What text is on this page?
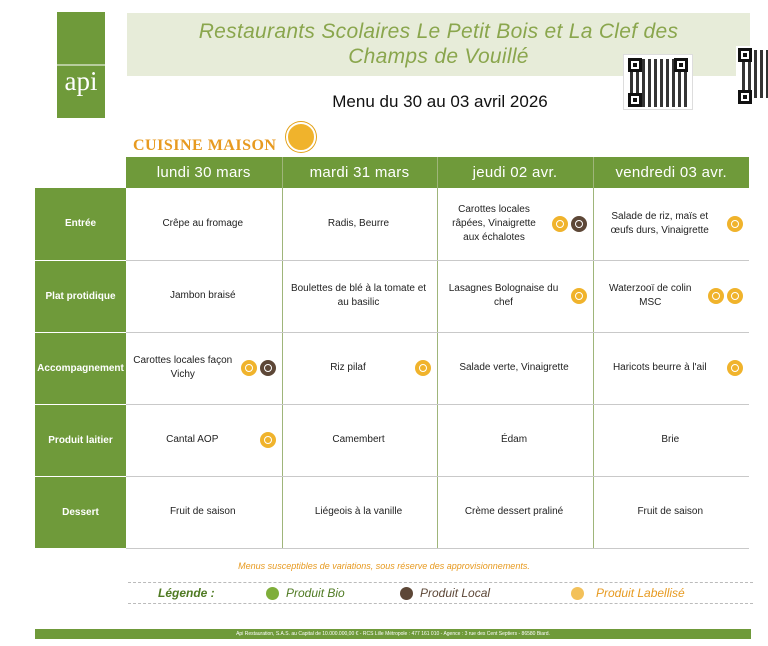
api
Restaurants Scolaires Le Petit Bois et La Clef des
Champs de Vouillé
Menu du 30 au 03 avril 2026
CUISINE MAISON
	lundi 30 mars	mardi 31 mars	jeudi 02 avr.	vendredi 03 avr.
Entrée	Crêpe au fromage	Radis, Beurre	Carottes locales râpées, Vinaigrette aux échalotes	Salade de riz, maïs et œufs durs, Vinaigrette

Plat protidique	Jambon braisé	Boulettes de blé à la tomate et au basilic	Lasagnes Bolognaise du chef	Waterzooï de colin MSC

Accompagnement	Carottes locales façon Vichy	Riz pilaf	Salade verte, Vinaigrette	Haricots beurre à l'ail

Produit laitier	Cantal AOP	Camembert	Édam	Brie

Dessert	Fruit de saison	Liégeois à la vanille	Crème dessert praliné	Fruit de saison
Menus susceptibles de variations, sous réserve des approvisionnements.
Légende :	Produit Bio	Produit Local	Produit Labellisé
Api Restauration, S.A.S. au Capital de 10.000.000,00 € - RCS Lille Métropole : 477 161 010 - Agence : 3 rue des Cent Septiers - 86580 Biard.
